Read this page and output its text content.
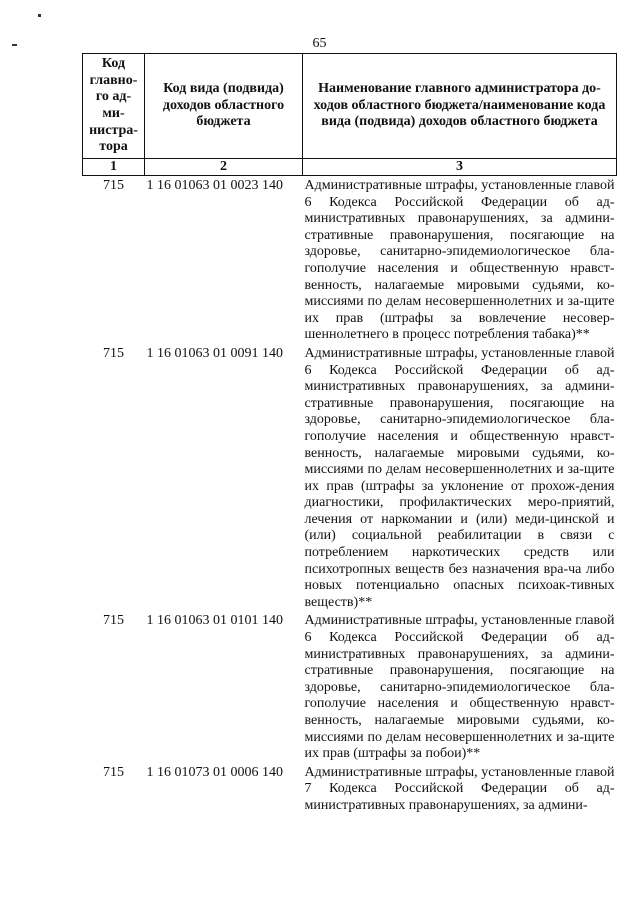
65
Код главно-го ад-ми-нистра-тора	Код вида (подвида) доходов областного бюджета	Наименование главного администратора до-ходов областного бюджета/наименование кода вида (подвида) доходов областного бюджета
1	2	3
715	1 16 01063 01 0023 140	Административные штрафы, установленные главой 6 Кодекса Российской Федерации об ад-министративных правонарушениях, за админи-стративные правонарушения, посягающие на здоровье, санитарно-эпидемиологическое бла-гополучие населения и общественную нравст-венность, налагаемые мировыми судьями, ко-миссиями по делам несовершеннолетних и за-щите их прав (штрафы за вовлечение несовер-шеннолетнего в процесс потребления табака)**
715	1 16 01063 01 0091 140	Административные штрафы, установленные главой 6 Кодекса Российской Федерации об ад-министративных правонарушениях, за админи-стративные правонарушения, посягающие на здоровье, санитарно-эпидемиологическое бла-гополучие населения и общественную нравст-венность, налагаемые мировыми судьями, ко-миссиями по делам несовершеннолетних и за-щите их прав (штрафы за уклонение от прохож-дения диагностики, профилактических меро-приятий, лечения от наркомании и (или) меди-цинской и (или) социальной реабилитации в связи с потреблением наркотических средств или психотропных веществ без назначения вра-ча либо новых потенциально опасных психоак-тивных веществ)**
715	1 16 01063 01 0101 140	Административные штрафы, установленные главой 6 Кодекса Российской Федерации об ад-министративных правонарушениях, за админи-стративные правонарушения, посягающие на здоровье, санитарно-эпидемиологическое бла-гополучие населения и общественную нравст-венность, налагаемые мировыми судьями, ко-миссиями по делам несовершеннолетних и за-щите их прав (штрафы за побои)**
715	1 16 01073 01 0006 140	Административные штрафы, установленные главой 7 Кодекса Российской Федерации об ад-министративных правонарушениях, за админи-
